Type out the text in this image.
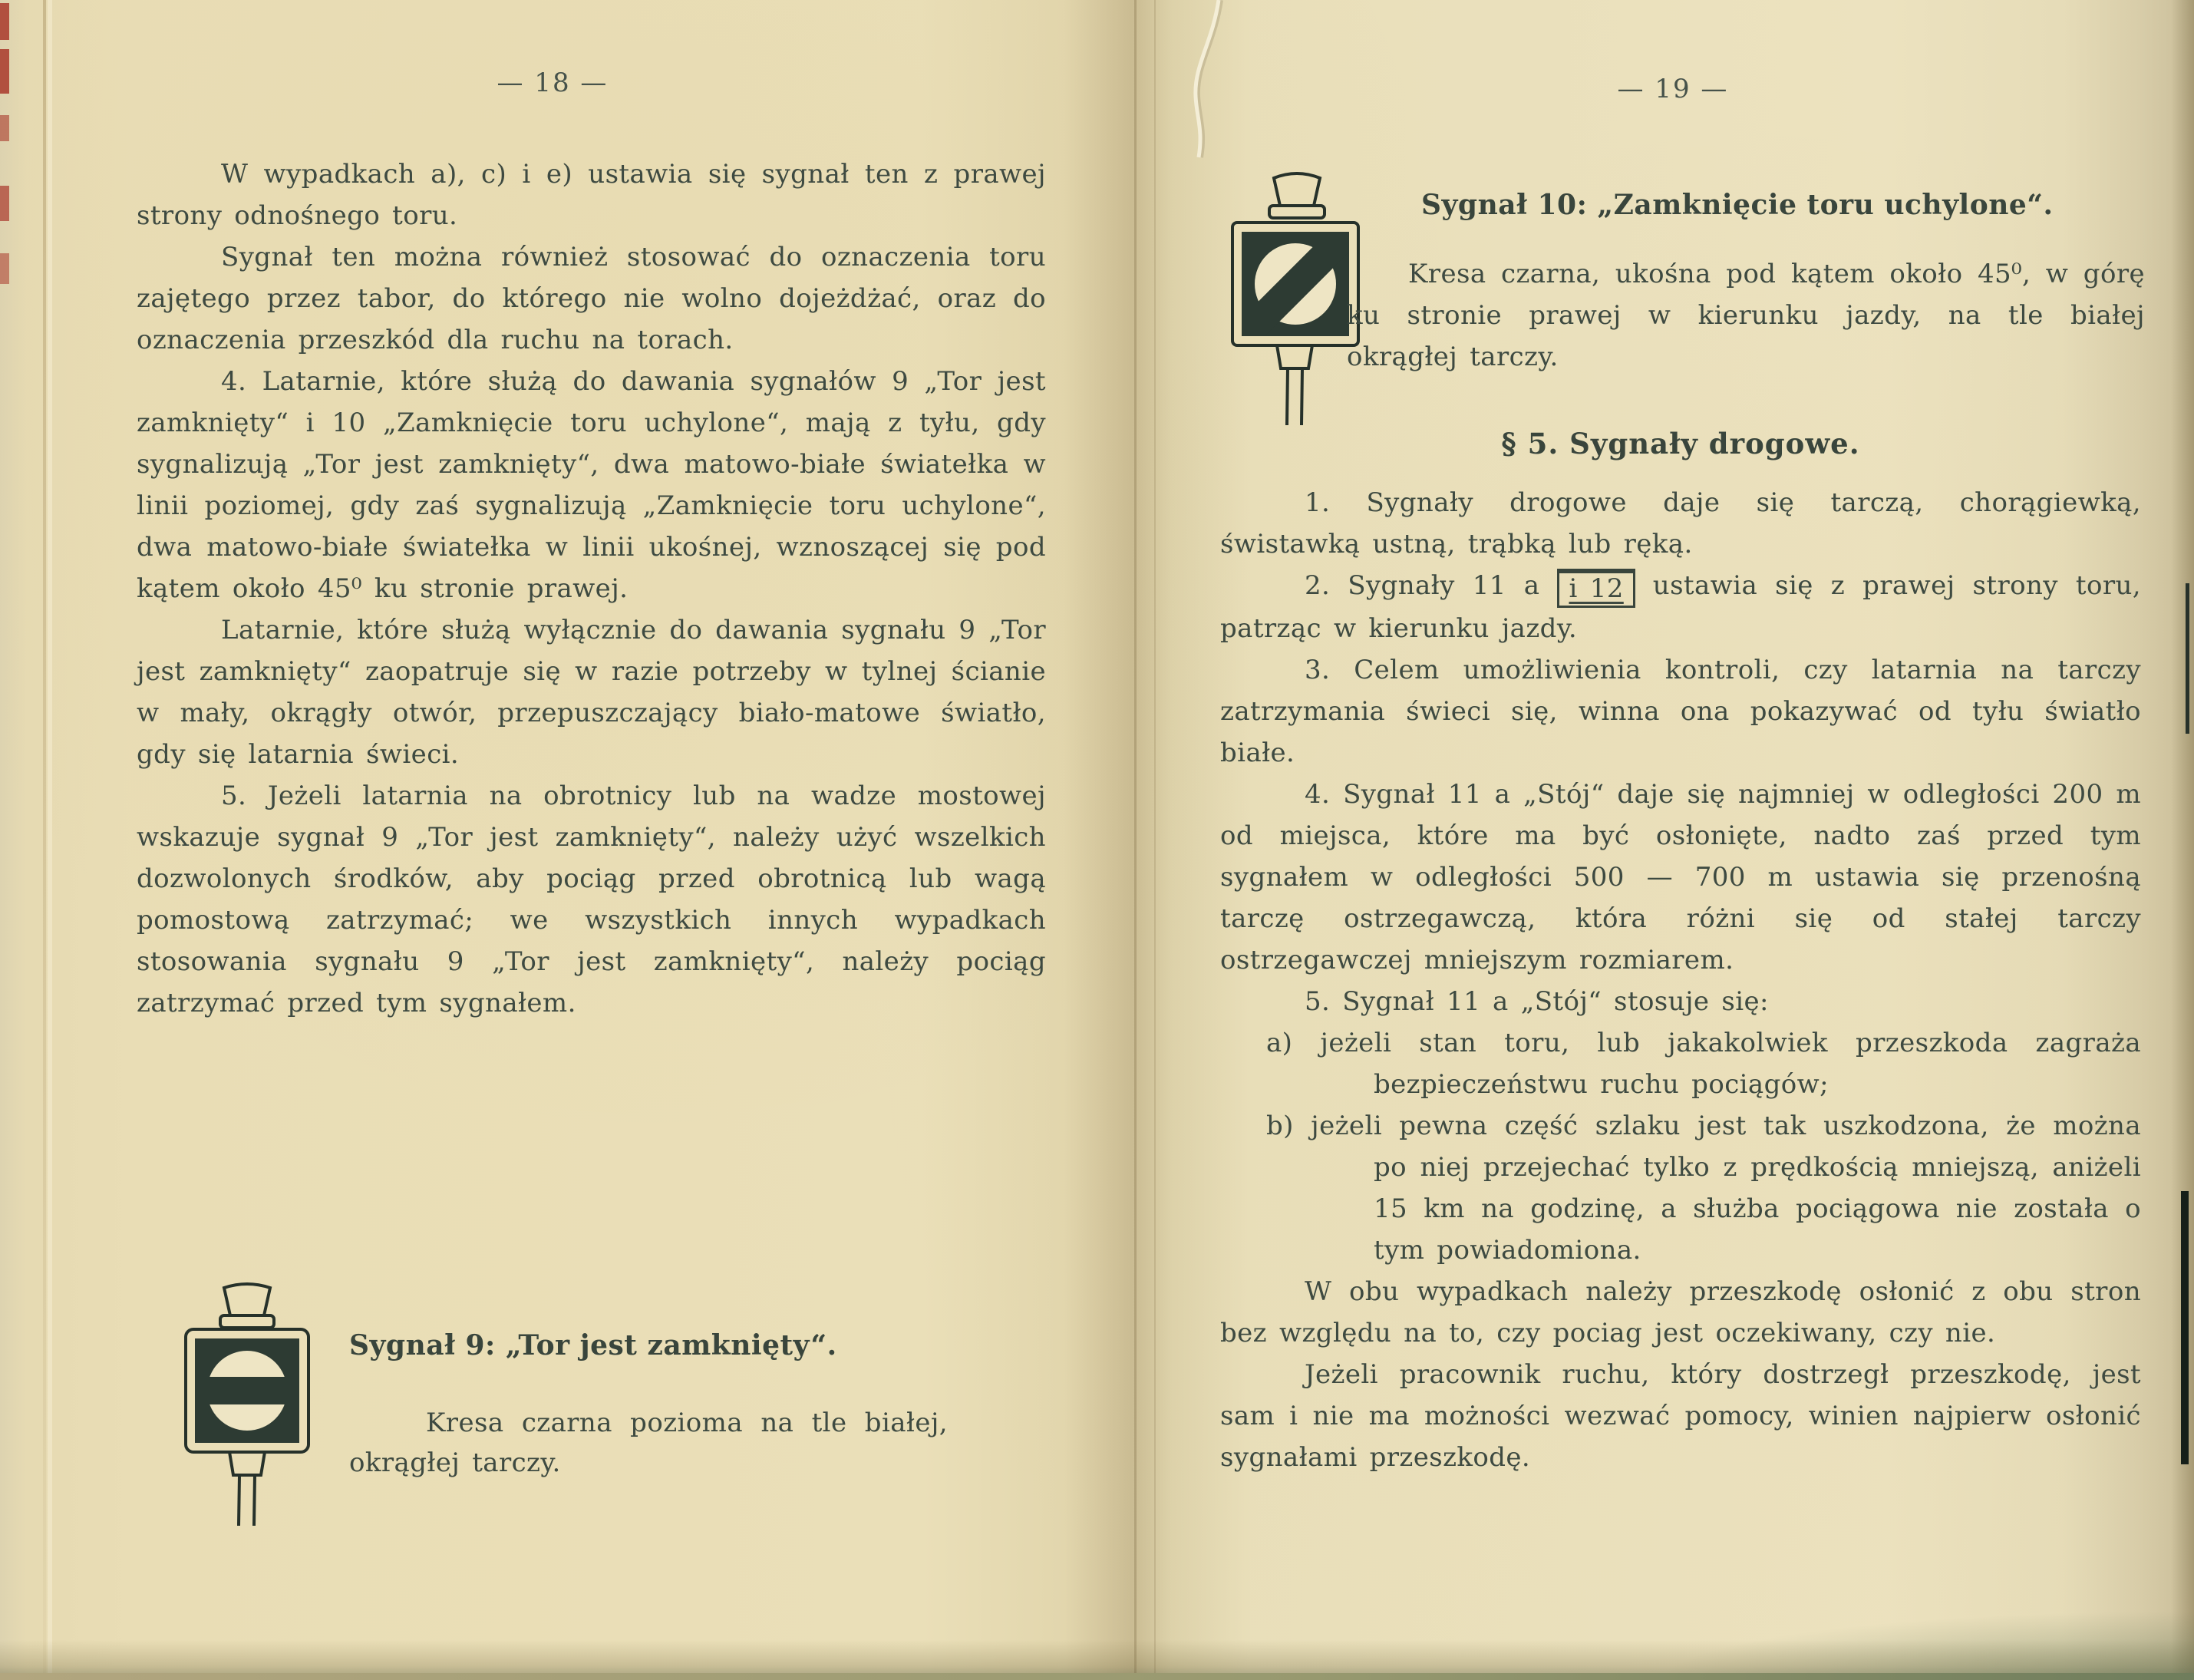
— 18 —

W wypadkach a), c) i e) ustawia się sygnał ten z prawej strony odnośnego toru.

Sygnał ten można również stosować do oznaczenia toru zajętego przez tabor, do którego nie wolno dojeżdżać, oraz do oznaczenia przeszkód dla ruchu na torach.

4. Latarnie, które służą do dawania sygnałów 9 „Tor jest zamknięty“ i 10 „Zamknięcie toru uchylone“, mają z tyłu, gdy sygnalizują „Tor jest zamknięty“, dwa matowo-białe światełka w linii poziomej, gdy zaś sygnalizują „Zamknięcie toru uchylone“, dwa matowo-białe światełka w linii ukośnej, wznoszącej się pod kątem około 45⁰ ku stronie prawej.

Latarnie, które służą wyłącznie do dawania sygnału 9 „Tor jest zamknięty“ zaopatruje się w razie potrzeby w tylnej ścianie w mały, okrągły otwór, przepuszczający biało-matowe światło, gdy się latarnia świeci.

5. Jeżeli latarnia na obrotnicy lub na wadze mostowej wskazuje sygnał 9 „Tor jest zamknięty“, należy użyć wszelkich dozwolonych środków, aby pociąg przed obrotnicą lub wagą pomostową zatrzymać; we wszystkich innych wypadkach stosowania sygnału 9 „Tor jest zamknięty“, należy pociąg zatrzymać przed tym sygnałem.

Sygnał 9: „Tor jest zamknięty“.
Kresa czarna pozioma na tle białej, okrągłej tarczy.
— 19 —
Sygnał 10: „Zamknięcie toru uchylone“.
Kresa czarna, ukośna pod kątem około 45⁰, w górę ku stronie prawej w kierunku jazdy, na tle białej okrągłej tarczy.
§ 5. Sygnały drogowe.

1. Sygnały drogowe daje się tarczą, chorągiewką, świstawką ustną, trąbką lub ręką.

2. Sygnały 11 a i 12 ustawia się z prawej strony toru, patrząc w kierunku jazdy.

3. Celem umożliwienia kontroli, czy latarnia na tarczy zatrzymania świeci się, winna ona pokazywać od tyłu światło białe.

4. Sygnał 11 a „Stój“ daje się najmniej w odległości 200 m od miejsca, które ma być osłonięte, nadto zaś przed tym sygnałem w odległości 500 — 700 m ustawia się przenośną tarczę ostrzegawczą, która różni się od stałej tarczy ostrzegawczej mniejszym rozmiarem.

5. Sygnał 11 a „Stój“ stosuje się:

a) jeżeli stan toru, lub jakakolwiek przeszkoda zagraża bezpieczeństwu ruchu pociągów;

b) jeżeli pewna część szlaku jest tak uszkodzona, że można po niej przejechać tylko z prędkością mniejszą, aniżeli 15 km na godzinę, a służba pociągowa nie została o tym powiadomiona.

W obu wypadkach należy przeszkodę osłonić z obu stron bez względu na to, czy pociag jest oczekiwany, czy nie.

Jeżeli pracownik ruchu, który dostrzegł przeszkodę, jest sam i nie ma możności wezwać pomocy, winien najpierw osłonić sygnałami przeszkodę.
